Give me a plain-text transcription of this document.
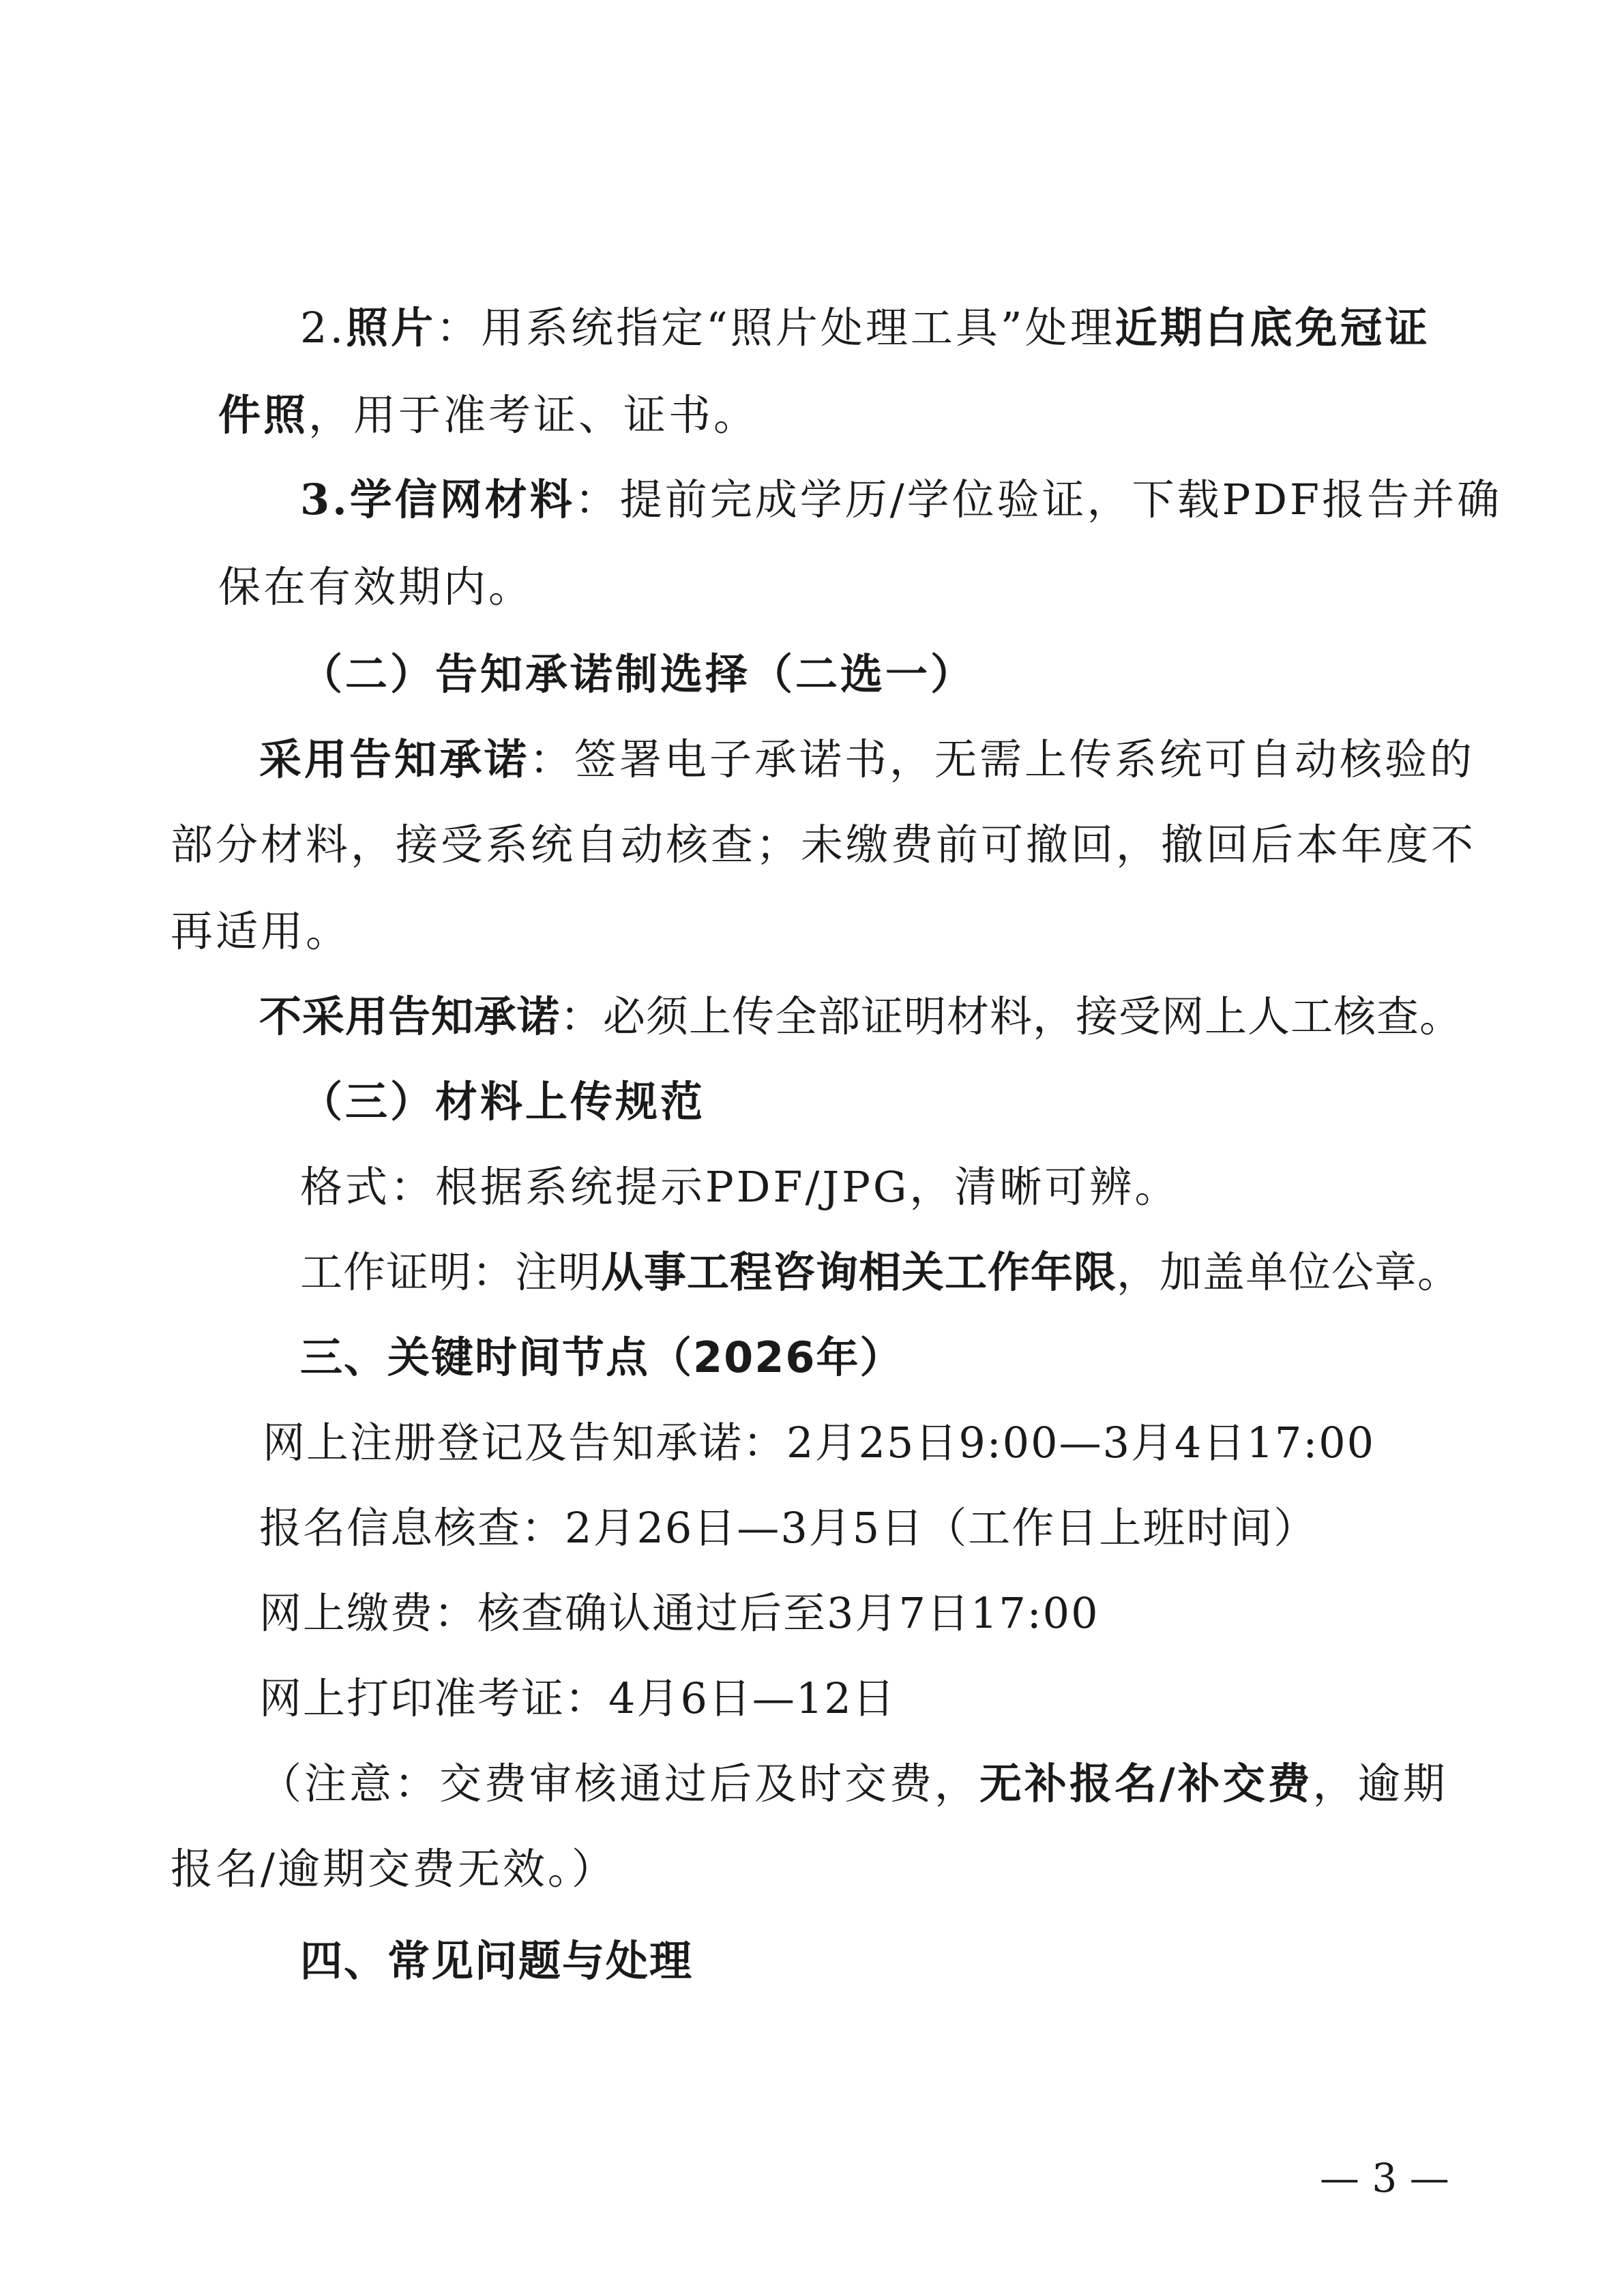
2.照片：用系统指定“照片处理工具”处理近期白底免冠证
件照，用于准考证、证书。
3.学信网材料：提前完成学历/学位验证，下载PDF报告并确
保在有效期内。
（二）告知承诺制选择（二选一）
采用告知承诺：签署电子承诺书，无需上传系统可自动核验的
部分材料，接受系统自动核查；未缴费前可撤回，撤回后本年度不
再适用。
不采用告知承诺：必须上传全部证明材料，接受网上人工核查。
（三）材料上传规范
格式：根据系统提示PDF/JPG，清晰可辨。
工作证明：注明从事工程咨询相关工作年限，加盖单位公章。
三、关键时间节点（2026年）
网上注册登记及告知承诺：2月25日9:00—3月4日17:00
报名信息核查：2月26日—3月5日（工作日上班时间）
网上缴费：核查确认通过后至3月7日17:00
网上打印准考证：4月6日—12日
（注意：交费审核通过后及时交费，无补报名/补交费，逾期
报名/逾期交费无效。）
四、常见问题与处理
— 3 —
